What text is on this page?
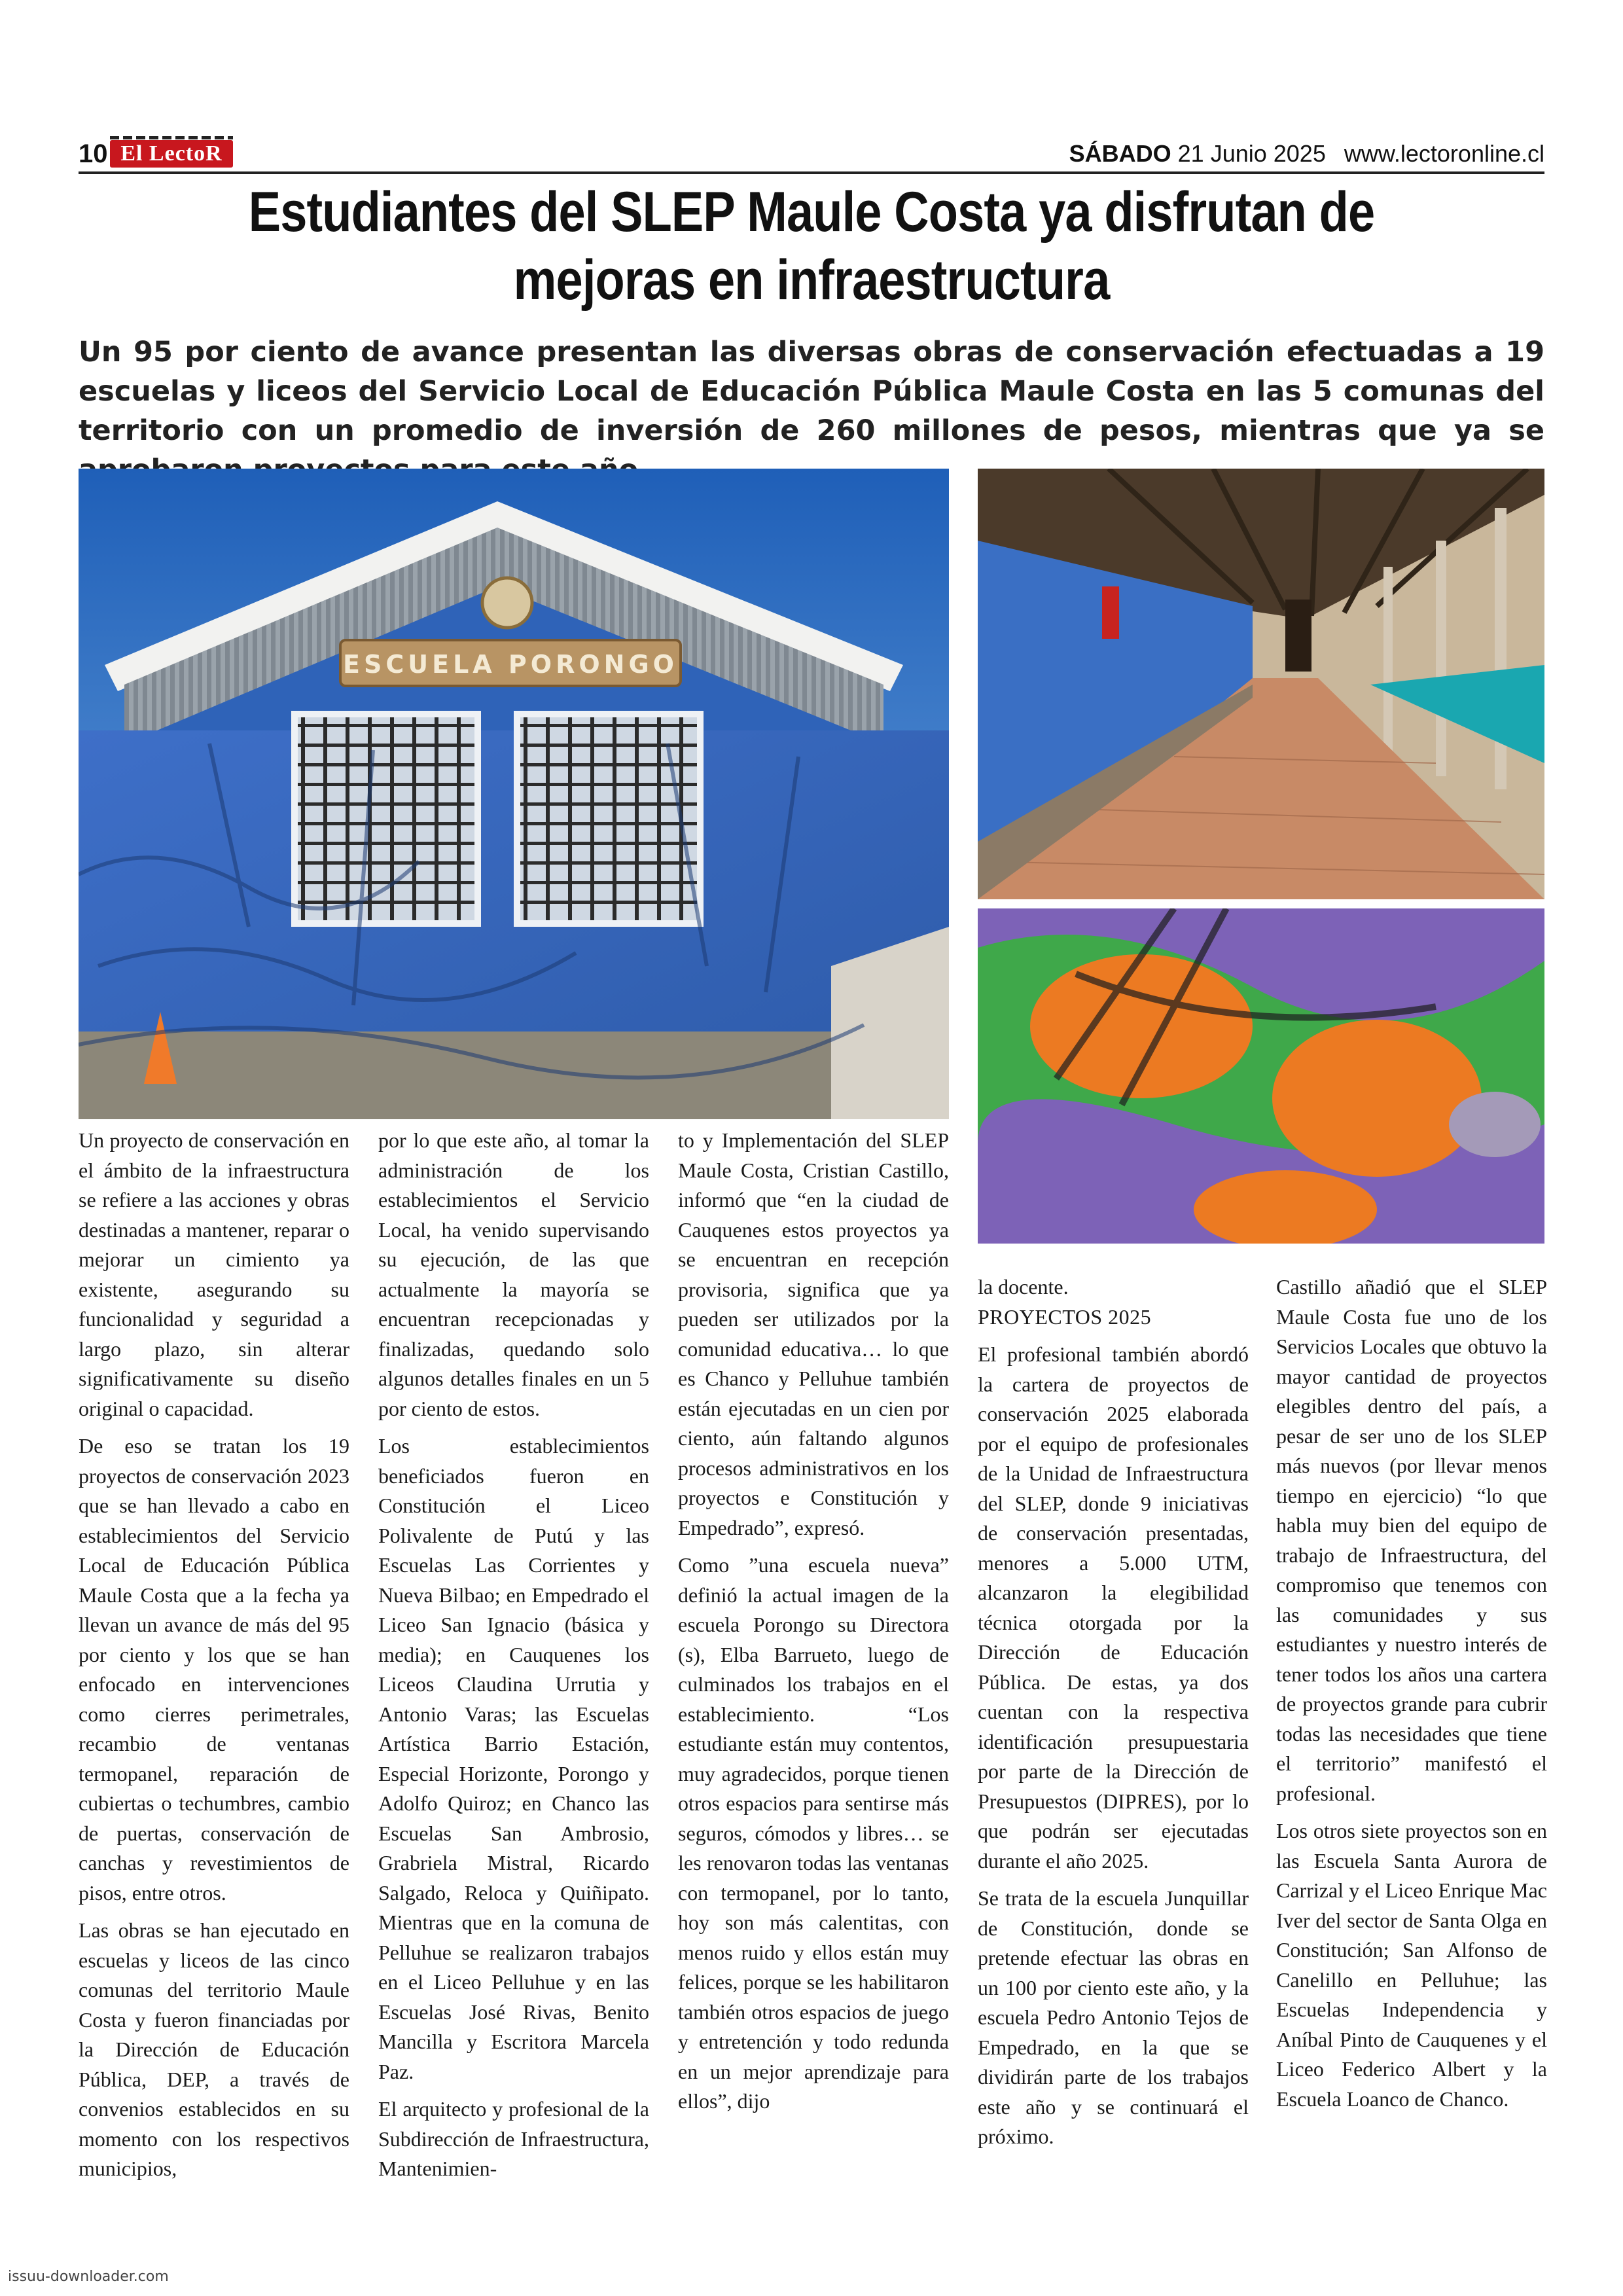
10 El LectoR	SÁBADO 21 Junio 2025 www.lectoronline.cl
Estudiantes del SLEP Maule Costa ya disfrutan de mejoras en infraestructura

Un 95 por ciento de avance presentan las diversas obras de conservación efectuadas a 19 escuelas y liceos del Servicio Local de Educación Pública Maule Costa en las 5 comunas del territorio con un promedio de inversión de 260 millones de pesos, mientras que ya se

ESCUELA PORONGO

Un proyecto de conservación en el ámbito de la infraestructura se refiere a las acciones y obras destinadas a mantener, reparar o mejorar un cimiento ya existente, asegurando su funcionalidad y seguridad a largo plazo, sin alterar significativamente su diseño original o capacidad.

De eso se tratan los 19 proyectos de conservación 2023 que se han llevado a cabo en establecimientos del Servicio Local de Educación Pública Maule Costa que a la fecha ya llevan un avance de más del 95 por ciento y los que se han enfocado en intervenciones como cierres perimetrales, recambio de ventanas termopanel, reparación de cubiertas o techumbres, cambio de puertas, conservación de canchas y revestimientos de pisos, entre otros.

Las obras se han ejecutado en escuelas y liceos de las cinco comunas del territorio Maule Costa y fueron financiadas por la Dirección de Educación Pública, DEP, a través de convenios establecidos en su momento con los respectivos municipios,

por lo que este año, al tomar la administración de los establecimientos el Servicio Local, ha venido supervisando su ejecución, de las que actualmente la mayoría se encuentran recepcionadas y finalizadas, quedando solo algunos detalles finales en un 5 por ciento de estos.

Los establecimientos beneficiados fueron en Constitución el Liceo Polivalente de Putú y las Escuelas Las Corrientes y Nueva Bilbao; en Empedrado el Liceo San Ignacio (básica y media); en Cauquenes los Liceos Claudina Urrutia y Antonio Varas; las Escuelas Artística Barrio Estación, Especial Horizonte, Porongo y Adolfo Quiroz; en Chanco las Escuelas San Ambrosio, Grabriela Mistral, Ricardo Salgado, Reloca y Quiñipato. Mientras que en la comuna de Pelluhue se realizaron trabajos en el Liceo Pelluhue y en las Escuelas José Rivas, Benito Mancilla y Escritora Marcela Paz.

El arquitecto y profesional de la Subdirección de Infraestructura, Mantenimien-

to y Implementación del SLEP Maule Costa, Cristian Castillo, informó que “en la ciudad de Cauquenes estos proyectos ya se encuentran en recepción provisoria, significa que ya pueden ser utilizados por la comunidad educativa… lo que es Chanco y Pelluhue también están ejecutadas en un cien por ciento, aún faltando algunos procesos administrativos en los proyectos e Constitución y Empedrado”, expresó.

Como ”una escuela nueva” definió la actual imagen de la escuela Porongo su Directora (s), Elba Barrueto, luego de culminados los trabajos en el establecimiento. “Los estudiante están muy contentos, muy agradecidos, porque tienen otros espacios para sentirse más seguros, cómodos y libres… se les renovaron todas las ventanas con termopanel, por lo tanto, hoy son más calentitas, con menos ruido y ellos están muy felices, porque se les habilitaron también otros espacios de juego y entretención y todo redunda en un mejor aprendizaje para ellos”, dijo

la docente.

PROYECTOS 2025

El profesional también abordó la cartera de proyectos de conservación 2025 elaborada por el equipo de profesionales de la Unidad de Infraestructura del SLEP, donde 9 iniciativas de conservación presentadas, menores a 5.000 UTM, alcanzaron la elegibilidad técnica otorgada por la Dirección de Educación Pública. De estas, ya dos cuentan con la respectiva identificación presupuestaria por parte de la Dirección de Presupuestos (DIPRES), por lo que podrán ser ejecutadas durante el año 2025.

Se trata de la escuela Junquillar de Constitución, donde se pretende efectuar las obras en un 100 por ciento este año, y la escuela Pedro Antonio Tejos de Empedrado, en la que se dividirán parte de los trabajos este año y se continuará el próximo.

Castillo añadió que el SLEP Maule Costa fue uno de los Servicios Locales que obtuvo la mayor cantidad de proyectos elegibles dentro del país, a pesar de ser uno de los SLEP más nuevos (por llevar menos tiempo en ejercicio) “lo que habla muy bien del equipo de trabajo de Infraestructura, del compromiso que tenemos con las comunidades y sus estudiantes y nuestro interés de tener todos los años una cartera de proyectos grande para cubrir todas las necesidades que tiene el territorio” manifestó el profesional.

Los otros siete proyectos son en las Escuela Santa Aurora de Carrizal y el Liceo Enrique Mac Iver del sector de Santa Olga en Constitución; San Alfonso de Canelillo en Pelluhue; las Escuelas Independencia y Aníbal Pinto de Cauquenes y el Liceo Federico Albert y la Escuela Loanco de Chanco.

issuu-downloader.com
